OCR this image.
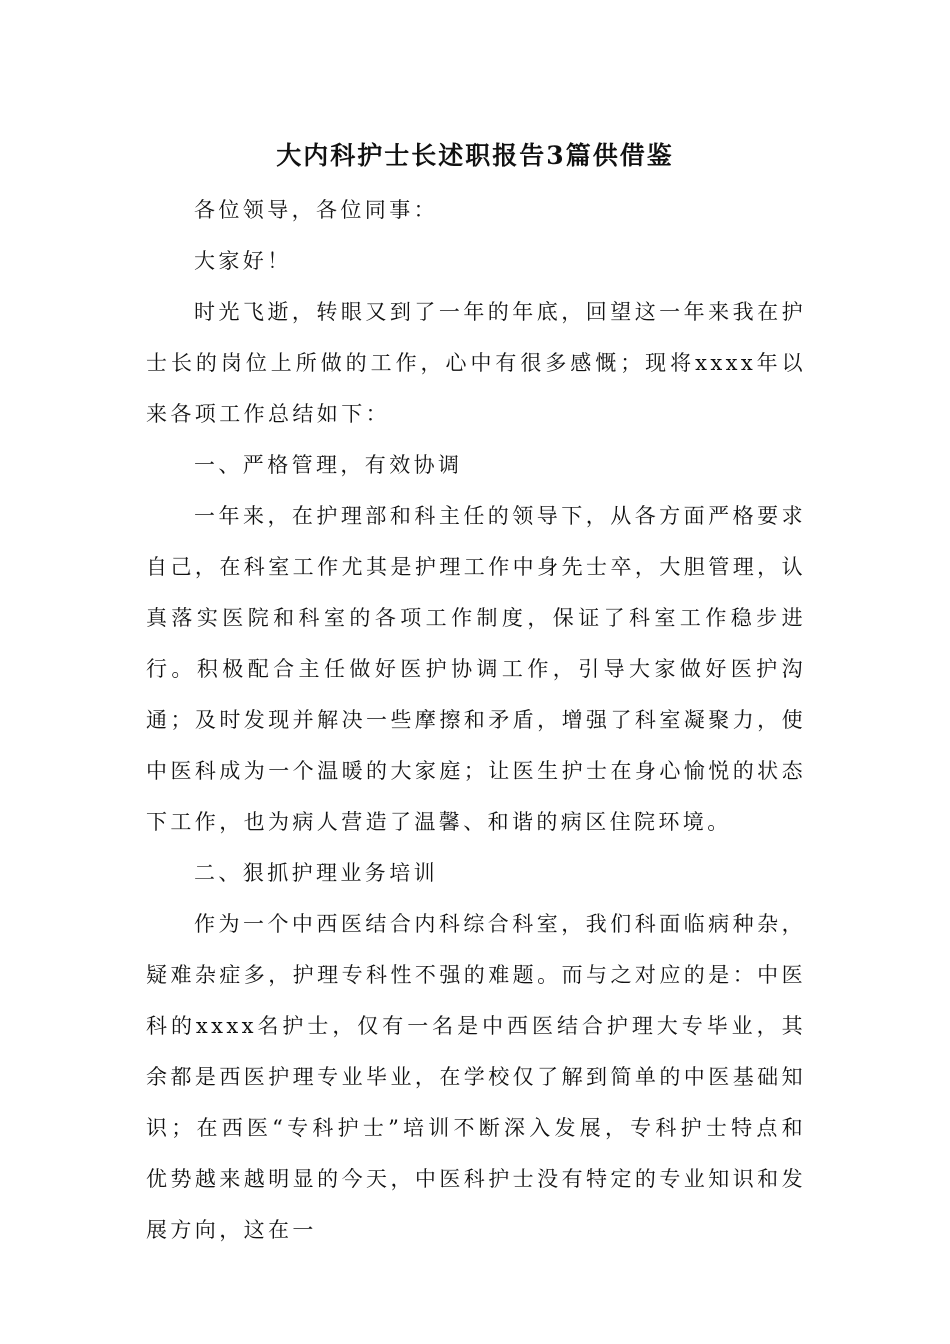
大内科护士长述职报告3篇供借鉴

各位领导，各位同事：

大家好！

时光飞逝，转眼又到了一年的年底，回望这一年来我在护士长的岗位上所做的工作，心中有很多感慨；现将xxxx年以来各项工作总结如下：

一、严格管理，有效协调

一年来，在护理部和科主任的领导下，从各方面严格要求自己，在科室工作尤其是护理工作中身先士卒，大胆管理，认真落实医院和科室的各项工作制度，保证了科室工作稳步进行。积极配合主任做好医护协调工作，引导大家做好医护沟通；及时发现并解决一些摩擦和矛盾，增强了科室凝聚力，使中医科成为一个温暖的大家庭；让医生护士在身心愉悦的状态下工作，也为病人营造了温馨、和谐的病区住院环境。

二、狠抓护理业务培训

作为一个中西医结合内科综合科室，我们科面临病种杂，疑难杂症多，护理专科性不强的难题。而与之对应的是：中医科的xxxx名护士，仅有一名是中西医结合护理大专毕业，其余都是西医护理专业毕业，在学校仅了解到简单的中医基础知识；在西医“专科护士”培训不断深入发展，专科护士特点和优势越来越明显的今天，中医科护士没有特定的专业知识和发展方向，这在一
